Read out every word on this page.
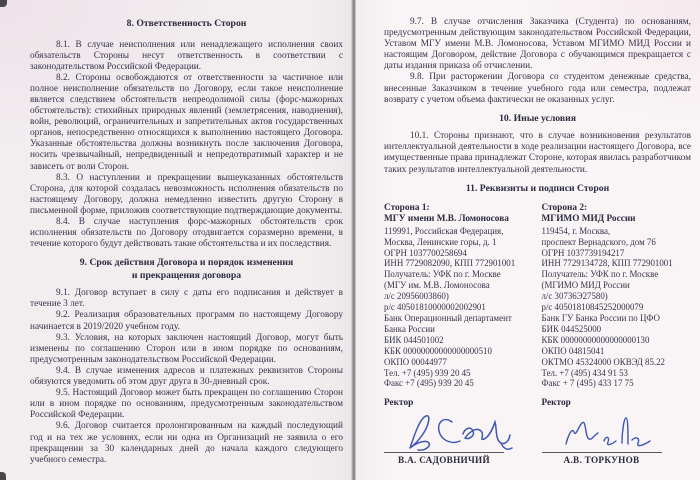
8. Ответственность Сторон

8.1. В случае неисполнения или ненадлежащего исполнения своих обязательств Стороны несут ответственность в соответствии с законодательством Российской Федерации.

8.2. Стороны освобождаются от ответственности за частичное или полное неисполнение обязательств по Договору, если такое неисполнение является следствием обстоятельств непреодолимой силы (форс-мажорных обстоятельств): стихийных природных явлений (землетрясения, наводнения), войн, революций, ограничительных и запретительных актов государственных органов, непосредственно относящихся к выполнению настоящего Договора. Указанные обстоятельства должны возникнуть после заключения Договора, носить чрезвычайный, непредвиденный и непредотвратимый характер и не зависеть от воли Сторон.

8.3. О наступлении и прекращении вышеуказанных обстоятельств Сторона, для которой создалась невозможность исполнения обязательств по настоящему Договору, должна немедленно известить другую Сторону в письменной форме, приложив соответствующие подтверждающие документы.

8.4. В случае наступления форс-мажорных обстоятельств срок исполнения обязательств по Договору отодвигается соразмерно времени, в течение которого будут действовать такие обстоятельства и их последствия.

9. Срок действия Договора и порядок изменения
и прекращения договора

9.1. Договор вступает в силу с даты его подписания и действует в течение 3 лет.

9.2. Реализация образовательных программ по настоящему Договору начинается в 2019/2020 учебном году.

9.3. Условия, на которых заключен настоящий Договор, могут быть изменены по соглашению Сторон или в ином порядке по основаниям, предусмотренным законодательством Российской Федерации.

9.4. В случае изменения адресов и платежных реквизитов Стороны обязуются уведомить об этом друг друга в 30-дневный срок.

9.5. Настоящий Договор может быть прекращен по соглашению Сторон или в ином порядке по основаниям, предусмотренным законодательством Российской Федерации.

9.6. Договор считается пролонгированным на каждый последующий год и на тех же условиях, если ни одна из Организаций не заявила о его прекращении за 30 календарных дней до начала каждого следующего учебного семестра.

9.7. В случае отчисления Заказчика (Студента) по основаниям, предусмотренным действующим законодательством Российской Федерации, Уставом МГУ имени М.В. Ломоносова, Уставом МГИМО МИД России и настоящим Договором, действие Договора с обучающимся прекращается с даты издания приказа об отчислении.

9.8. При расторжении Договора со студентом денежные средства, внесенные Заказчиком в течение учебного года или семестра, подлежат возврату с учетом объема фактически не оказанных услуг.

10. Иные условия

10.1. Стороны признают, что в случае возникновения результатов интеллектуальной деятельности в ходе реализации настоящего Договора, все имущественные права принадлежат Стороне, которая явилась разработчиком таких результатов интеллектуальной деятельности.

11. Реквизиты и подписи Сторон
Сторона 1:
МГУ имени М.В. Ломоносова
119991, Российская Федерация,
Москва, Ленинские горы, д. 1
ОГРН 1037700258694
ИНН 7729082090, КПП 772901001
Получатель: УФК по г. Москве
(МГУ им. М.В. Ломоносова
л/с 20956003860)
р/с 40501810000002002901
Банк Операционный департамент
Банка России
БИК 044501002
КБК 00000000000000000510
ОКПО 00044977
Тел. +7 (495) 939 20 45
Факс +7 (495) 939 20 45
Ректор
В.А. САДОВНИЧИЙ
Сторона 2:
МГИМО МИД России
119454, г. Москва,
проспект Вернадского, дом 76
ОГРН 1037739194217
ИНН 7729134728, КПП 772901001
Получатель: УФК по г. Москве
(МГИМО МИД России
л/с 30736Э27580)
р/с 40501810845252000079
Банк ГУ Банка России по ЦФО
БИК 044525000
КБК 00000000000000000130
ОКПО 04815041
ОКТМО 45324000 ОКВЭД 85.22
Тел. +7 (495) 434 91 53
Факс + 7 (495) 433 17 75
Ректор
А.В. ТОРКУНОВ
